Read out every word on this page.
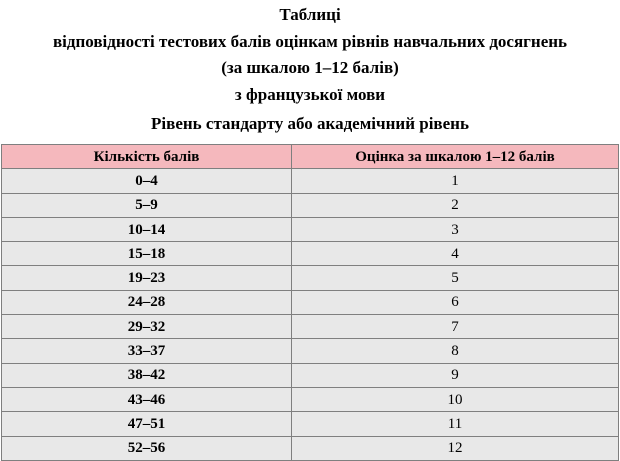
Таблиці
відповідності тестових балів оцінкам рівнів навчальних досягнень
(за шкалою 1–12 балів)
з французької мови
Рівень стандарту або академічний рівень
Кількість балів	Оцінка за шкалою 1–12 балів
0–4	1
5–9	2
10–14	3
15–18	4
19–23	5
24–28	6
29–32	7
33–37	8
38–42	9
43–46	10
47–51	11
52–56	12
